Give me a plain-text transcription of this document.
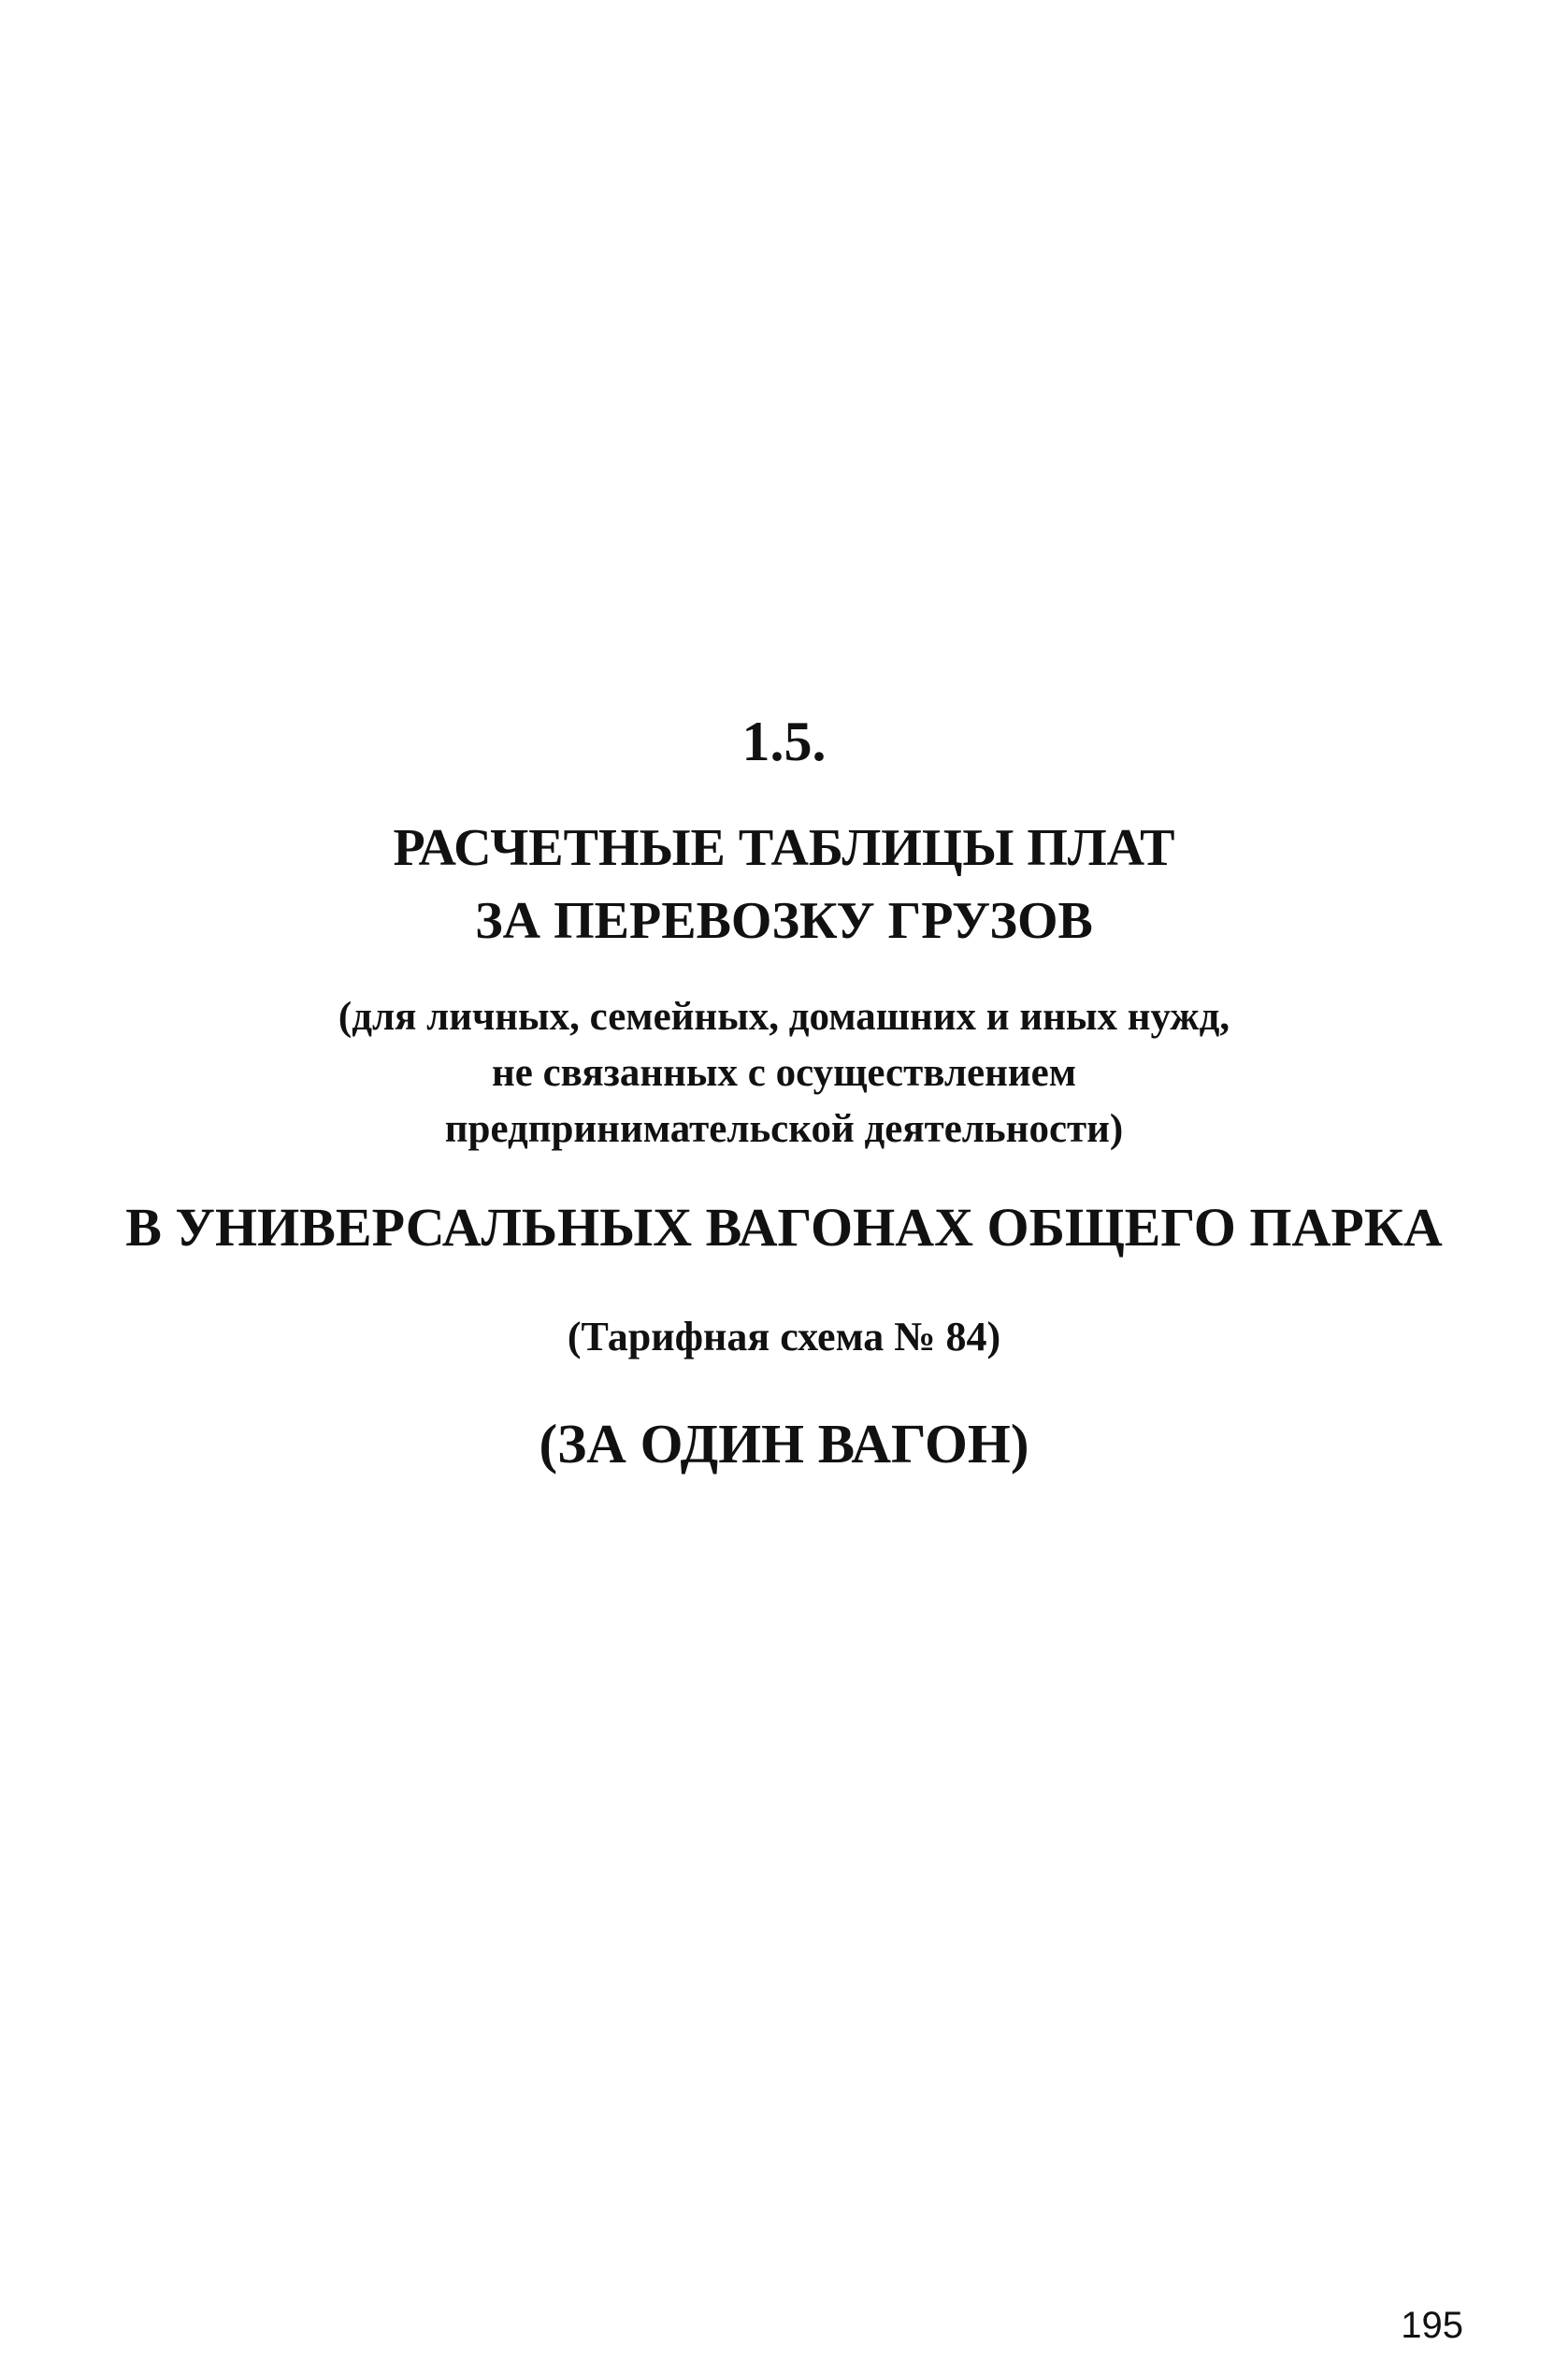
1.5.
РАСЧЕТНЫЕ ТАБЛИЦЫ ПЛАТ
ЗА ПЕРЕВОЗКУ ГРУЗОВ
(для личных, семейных, домашних и иных нужд,
не связанных с осуществлением
предпринимательской деятельности)
В УНИВЕРСАЛЬНЫХ ВАГОНАХ ОБЩЕГО ПАРКА
(Тарифная схема № 84)
(ЗА ОДИН ВАГОН)
195
